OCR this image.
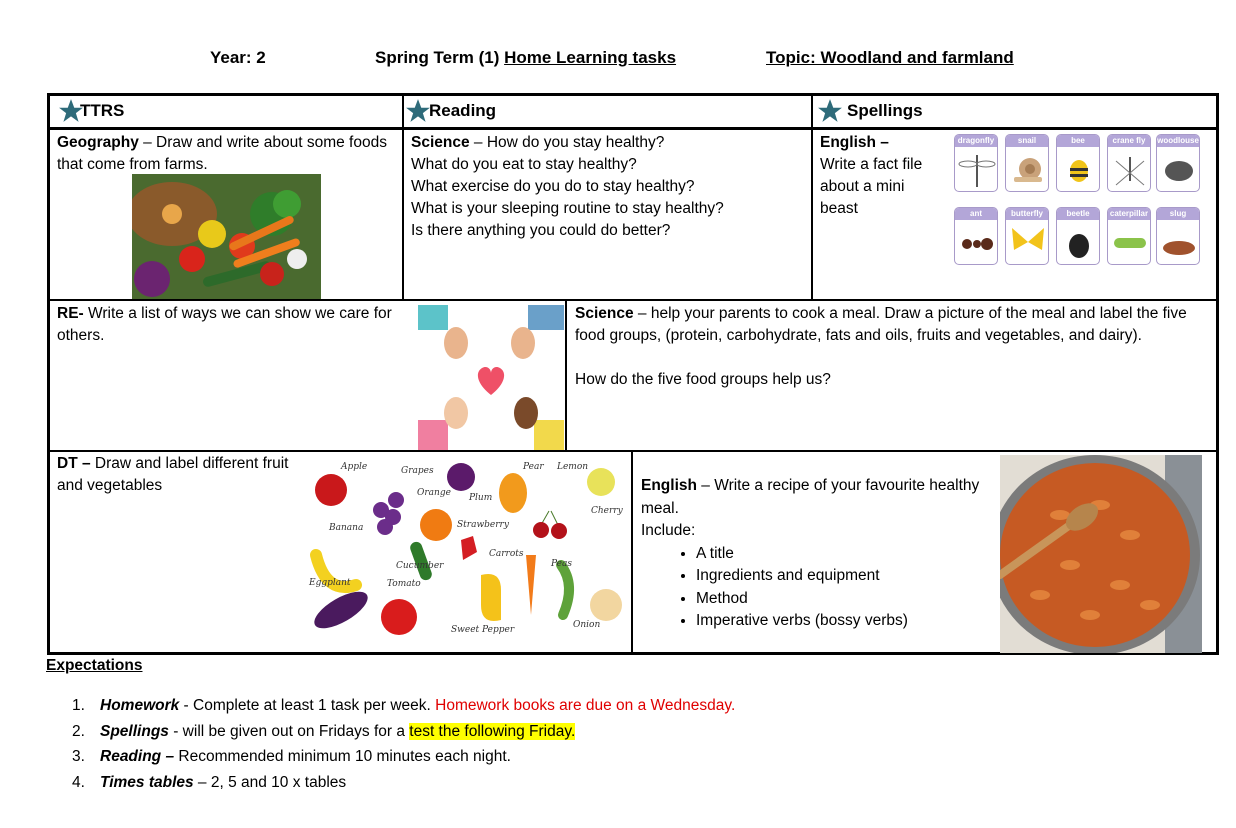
Year: 2	Spring Term (1) Home Learning tasks	Topic: Woodland and farmland
TTRS	Reading	Spellings
Geography – Draw and write about some foods that come from farms.
Science – How do you stay healthy?
What do you eat to stay healthy?
What exercise do you do to stay healthy?
What is your sleeping routine to stay healthy?
Is there anything you could do better?
English –
Write a fact file about a mini beast
dragonfly	snail	bee	crane fly	woodlouse
ant	butterfly	beetle	caterpillar	slug
RE- Write a list of ways we can show we care for others.
Science – help your parents to cook a meal. Draw a picture of the meal and label the five food groups, (protein, carbohydrate, fats and oils, fruits and vegetables, and dairy).
How do the five food groups help us?
DT – Draw and label different fruit and vegetables
Apple	Grapes
Plum
Pear Lemon
Orange
Strawberry
Cherry
Banana
Cucumber
Carrots
Peas
Eggplant	Tomato
Sweet Pepper	Onion
English – Write a recipe of your favourite healthy meal.
Include:
• A title
• Ingredients and equipment
• Method
• Imperative verbs (bossy verbs)
Expectations
1. Homework - Complete at least 1 task per week. Homework books are due on a Wednesday.
2. Spellings - will be given out on Fridays for a test the following Friday.
3. Reading – Recommended minimum 10 minutes each night.
4. Times tables – 2, 5 and 10 x tables
